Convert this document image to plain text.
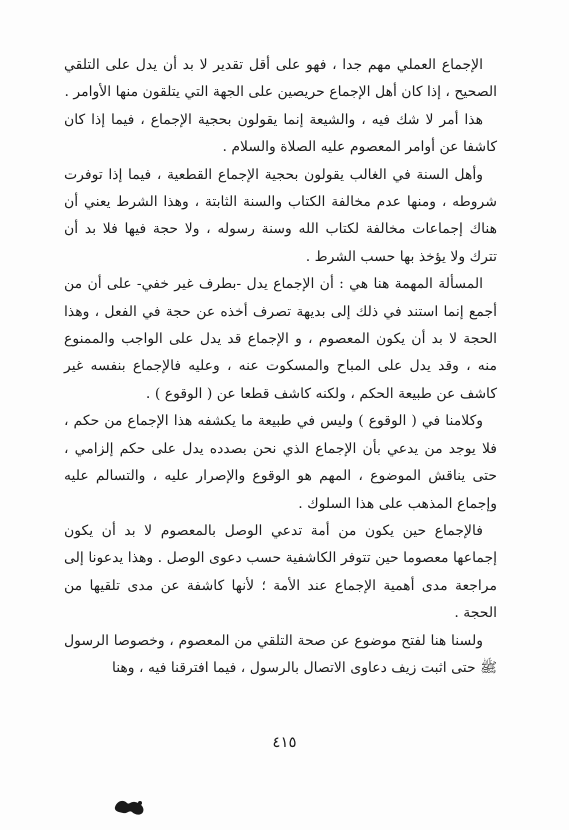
الإجماع العملي مهم جدا ، فهو على أقل تقدير لا بد أن يدل على التلقي الصحيح ، إذا كان أهل الإجماع حريصين على الجهة التي يتلقون منها الأوامر .

هذا أمر لا شك فيه ، والشيعة إنما يقولون بحجية الإجماع ، فيما إذا كان كاشفا عن أوامر المعصوم عليه الصلاة والسلام .

وأهل السنة في الغالب يقولون بحجية الإجماع القطعية ، فيما إذا توفرت شروطه ، ومنها عدم مخالفة الكتاب والسنة الثابتة ، وهذا الشرط يعني أن هناك إجماعات مخالفة لكتاب الله وسنة رسوله ، ولا حجة فيها فلا بد أن تترك ولا يؤخذ بها حسب الشرط .

المسألة المهمة هنا هي : أن الإجماع يدل -بطرف غير خفي- على أن من أجمع إنما استند في ذلك إلى بديهة تصرف أخذه عن حجة في الفعل ، وهذا الحجة لا بد أن يكون المعصوم ، و الإجماع قد يدل على الواجب والممنوع منه ، وقد يدل على المباح والمسكوت عنه ، وعليه فالإجماع بنفسه غير كاشف عن طبيعة الحكم ، ولكنه كاشف قطعا عن ( الوقوع ) .

وكلامنا في ( الوقوع ) وليس في طبيعة ما يكشفه هذا الإجماع من حكم ، فلا يوجد من يدعي بأن الإجماع الذي نحن بصدده يدل على حكم إلزامي ، حتى يناقش الموضوع ، المهم هو الوقوع والإصرار عليه ، والتسالم عليه وإجماع المذهب على هذا السلوك .

فالإجماع حين يكون من أمة تدعي الوصل بالمعصوم لا بد أن يكون إجماعها معصوما حين تتوفر الكاشفية حسب دعوى الوصل . وهذا يدعونا إلى مراجعة مدى أهمية الإجماع عند الأمة ؛ لأنها كاشفة عن مدى تلقيها من الحجة .

ولسنا هنا لفتح موضوع عن صحة التلقي من المعصوم ، وخصوصا الرسول ﷺ حتى اثبت زيف دعاوى الاتصال بالرسول ، فيما افترقنا فيه ، وهنا

٤١٥
